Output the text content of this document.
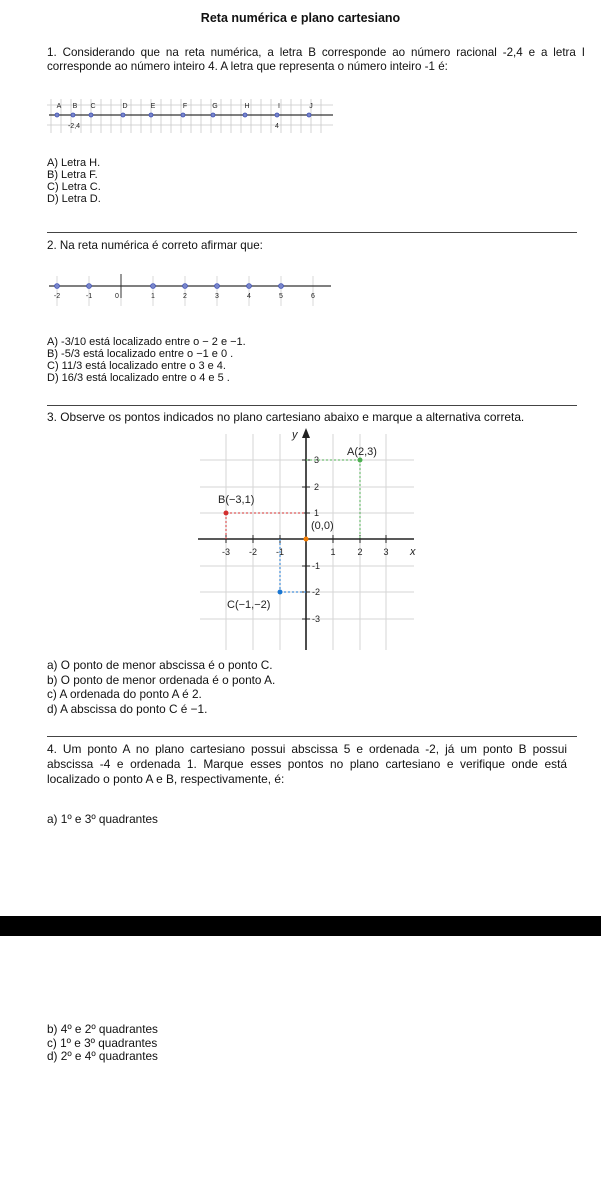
Reta numérica e plano cartesiano
1. Considerando que na reta numérica, a letra B corresponde ao número racional -2,4 e a letra I corresponde ao número inteiro 4. A letra que representa o número inteiro -1 é:
A B C	D	E	F	G	H	I	J
-2,4	4
A) Letra H.
B) Letra F.
C) Letra C.
D) Letra D.
2. Na reta numérica é correto afirmar que:
-2	-1	0	1	2	3	4	5	6
A) -3/10 está localizado entre o − 2 e −1.
B) -5/3 está localizado entre o −1 e 0 .
C) 11/3 está localizado entre o 3 e 4.
D) 16/3 está localizado entre o 4 e 5 .
3. Observe os pontos indicados no plano cartesiano abaixo e marque a alternativa correta.
-3 -2 -1	1 2 3
3
2
1
-1
-2
-3
x
y
A(2,3)
B(−3,1)
C(−1,−2)
(0,0)
a) O ponto de menor abscissa é o ponto C.
b) O ponto de menor ordenada é o ponto A.
c) A ordenada do ponto A é 2.
d) A abscissa do ponto C é −1.
4. Um ponto A no plano cartesiano possui abscissa 5 e ordenada -2, já um ponto B possui abscissa -4 e ordenada 1. Marque esses pontos no plano cartesiano e verifique onde está localizado o ponto A e B, respectivamente, é:
a) 1º e 3º quadrantes
b) 4º e 2º quadrantes
c) 1º e 3º quadrantes
d) 2º e 4º quadrantes
